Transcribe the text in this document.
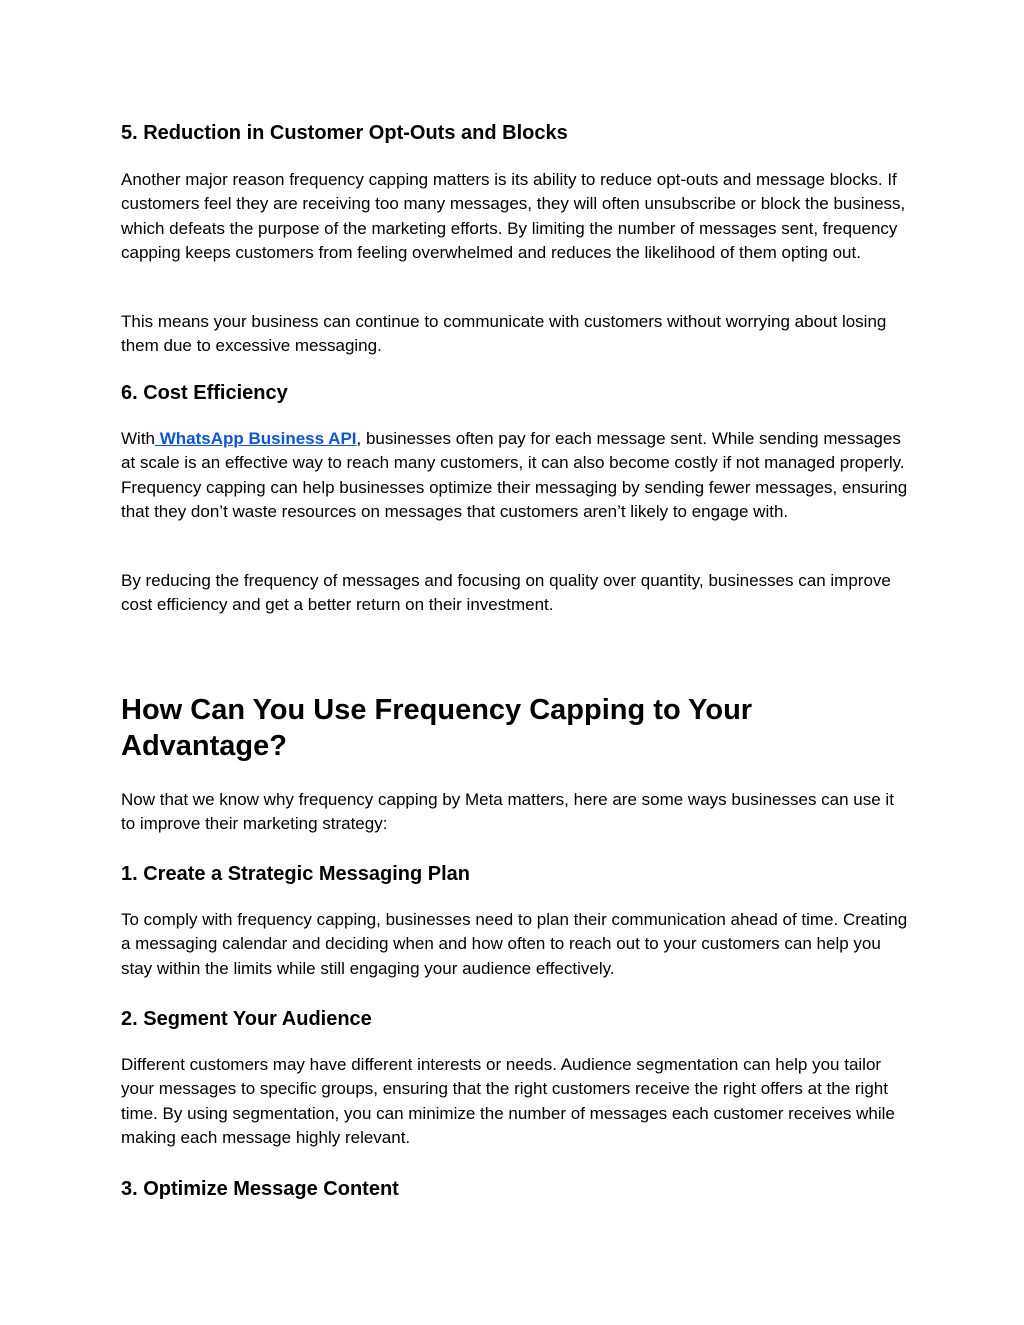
5. Reduction in Customer Opt-Outs and Blocks

Another major reason frequency capping matters is its ability to reduce opt-outs and message blocks. If customers feel they are receiving too many messages, they will often unsubscribe or block the business, which defeats the purpose of the marketing efforts. By limiting the number of messages sent, frequency capping keeps customers from feeling overwhelmed and reduces the likelihood of them opting out.

This means your business can continue to communicate with customers without worrying about losing them due to excessive messaging.

6. Cost Efficiency

With WhatsApp Business API, businesses often pay for each message sent. While sending messages at scale is an effective way to reach many customers, it can also become costly if not managed properly. Frequency capping can help businesses optimize their messaging by sending fewer messages, ensuring that they don’t waste resources on messages that customers aren’t likely to engage with.

By reducing the frequency of messages and focusing on quality over quantity, businesses can improve cost efficiency and get a better return on their investment.

How Can You Use Frequency Capping to Your Advantage?

Now that we know why frequency capping by Meta matters, here are some ways businesses can use it to improve their marketing strategy:

1. Create a Strategic Messaging Plan

To comply with frequency capping, businesses need to plan their communication ahead of time. Creating a messaging calendar and deciding when and how often to reach out to your customers can help you stay within the limits while still engaging your audience effectively.

2. Segment Your Audience

Different customers may have different interests or needs. Audience segmentation can help you tailor your messages to specific groups, ensuring that the right customers receive the right offers at the right time. By using segmentation, you can minimize the number of messages each customer receives while making each message highly relevant.

3. Optimize Message Content
